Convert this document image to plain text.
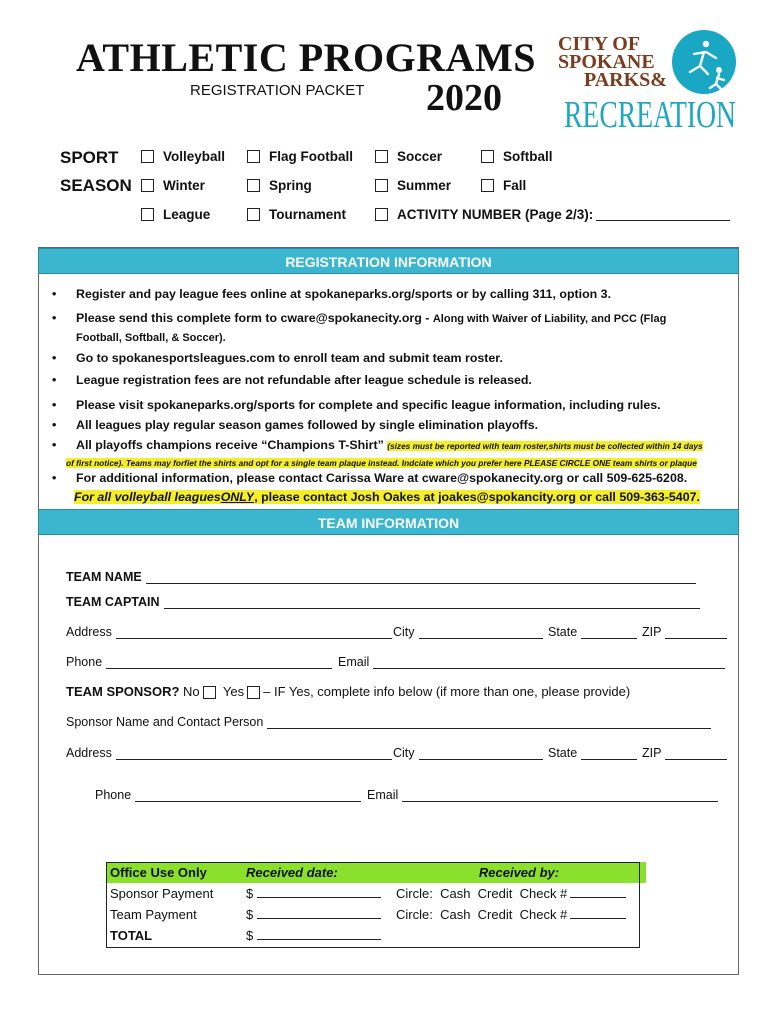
ATHLETIC PROGRAMS
REGISTRATION PACKET 2020
CITY OF
SPOKANE
PARKS&
RECREATION
SPORT
SEASON
Volleyball	Flag Football	Soccer	Softball
Winter	Spring	Summer	Fall
League	Tournament	ACTIVITY NUMBER (Page 2/3):
REGISTRATION INFORMATION
• Register and pay league fees online at spokaneparks.org/sports or by calling 311, option 3.
• Please send this complete form to cware@spokanecity.org - Along with Waiver of Liability, and PCC (Flag
Football, Softball, & Soccer).
• Go to spokanesportsleagues.com to enroll team and submit team roster.
• League registration fees are not refundable after league schedule is released.
• Please visit spokaneparks.org/sports for complete and specific league information, including rules.
• All leagues play regular season games followed by single elimination playoffs.
• All playoffs champions receive “Champions T-Shirt” (sizes must be reported with team roster,shirts must be collected within 14 days
of first notice). Teams may forfiet the shirts and opt for a single team plaque instead. Indciate which you prefer here PLEASE CIRCLE ONE team shirts or plaque
• For additional information, please contact Carissa Ware at cware@spokanecity.org or call 509-625-6208.
For all volleyball leaguesONLY, please contact Josh Oakes at joakes@spokancity.org or call 509-363-5407.
TEAM INFORMATION
TEAM NAME
TEAM CAPTAIN
Address	City	State	ZIP
Phone	Email
TEAM SPONSOR?
No
Yes – IF Yes, complete info below (if more than one, please provide)
Sponsor Name and Contact Person
Address	City	State	ZIP
Phone	Email
Office Use Only	Received date:	Received by:
Sponsor Payment	$	Circle: Cash Credit Check #
Team Payment	$	Circle: Cash Credit Check #
TOTAL	$	
